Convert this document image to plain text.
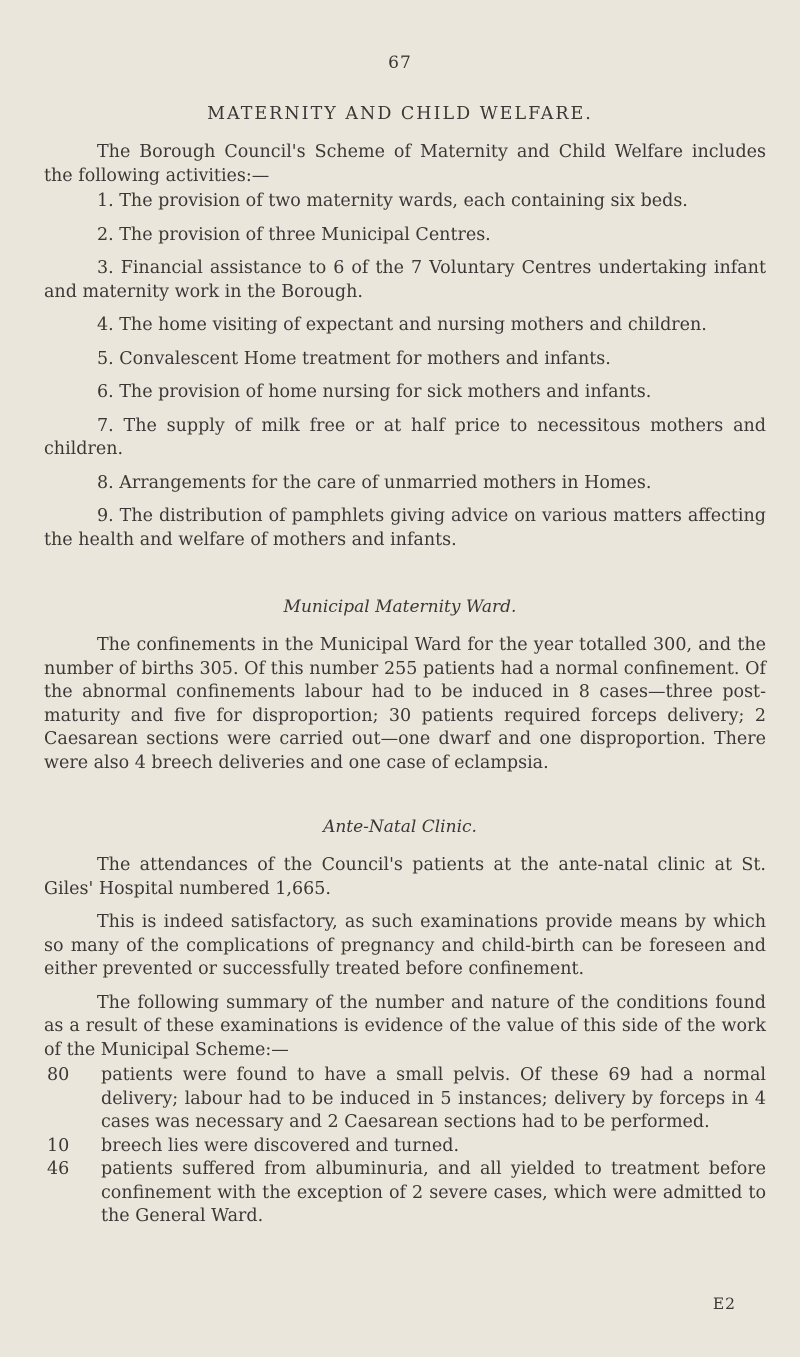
67
MATERNITY AND CHILD WELFARE.

The Borough Council's Scheme of Maternity and Child Welfare includes the following activities:—

1. The provision of two maternity wards, each containing six beds.

2. The provision of three Municipal Centres.

3. Financial assistance to 6 of the 7 Voluntary Centres undertaking infant and maternity work in the Borough.

4. The home visiting of expectant and nursing mothers and children.

5. Convalescent Home treatment for mothers and infants.

6. The provision of home nursing for sick mothers and infants.

7. The supply of milk free or at half price to necessitous mothers and children.

8. Arrangements for the care of unmarried mothers in Homes.

9. The distribution of pamphlets giving advice on various matters affecting the health and welfare of mothers and infants.

Municipal Maternity Ward.

The confinements in the Municipal Ward for the year totalled 300, and the number of births 305. Of this number 255 patients had a normal confinement. Of the abnormal confinements labour had to be induced in 8 cases—three post-maturity and five for disproportion; 30 patients required forceps delivery; 2 Caesarean sections were carried out—one dwarf and one disproportion. There were also 4 breech deliveries and one case of eclampsia.

Ante-Natal Clinic.

The attendances of the Council's patients at the ante-natal clinic at St. Giles' Hospital numbered 1,665.

This is indeed satisfactory, as such examinations provide means by which so many of the complications of pregnancy and child-birth can be foreseen and either prevented or successfully treated before confinement.

The following summary of the number and nature of the conditions found as a result of these examinations is evidence of the value of this side of the work of the Municipal Scheme:—

80	patients were found to have a small pelvis. Of these 69 had a normal delivery; labour had to be induced in 5 instances; delivery by forceps in 4 cases was necessary and 2 Caesarean sections had to be performed.
10	breech lies were discovered and turned.
46	patients suffered from albuminuria, and all yielded to treatment before confinement with the exception of 2 severe cases, which were admitted to the General Ward.
E2
